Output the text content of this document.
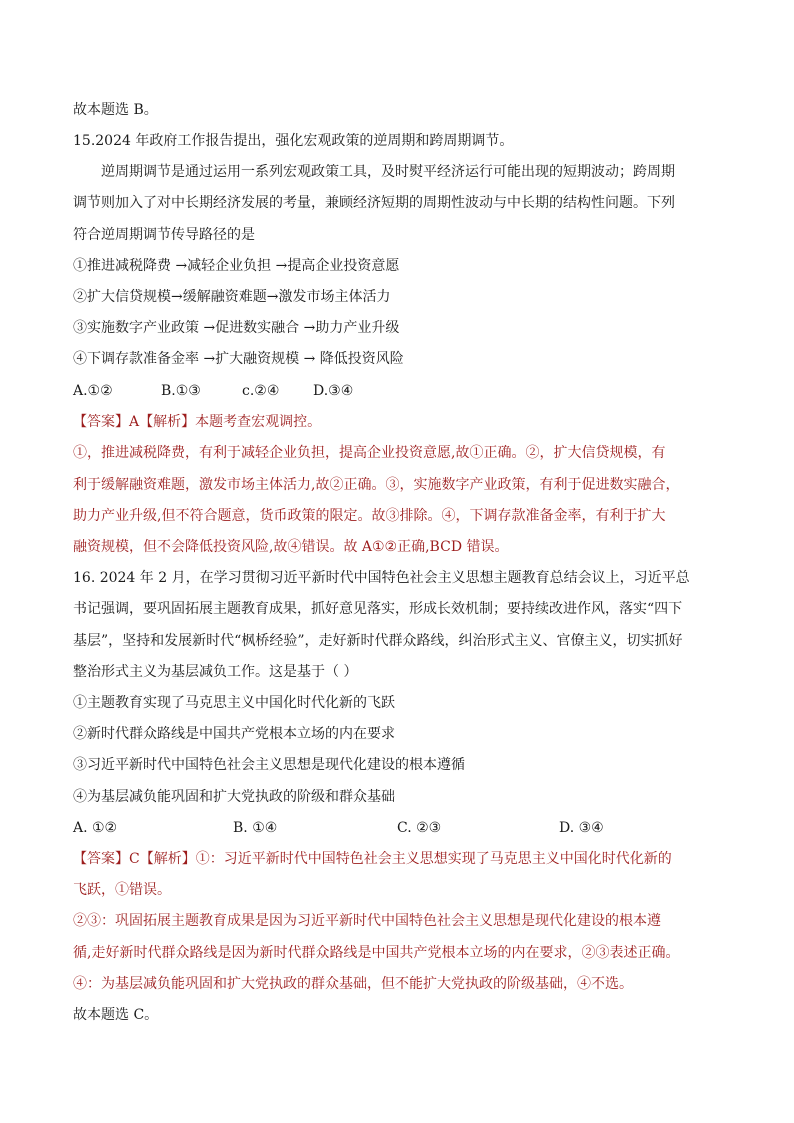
故本题选 B。
15.2024 年政府工作报告提出，强化宏观政策的逆周期和跨周期调节。
逆周期调节是通过运用一系列宏观政策工具，及时熨平经济运行可能出现的短期波动；跨周期
调节则加入了对中长期经济发展的考量，兼顾经济短期的周期性波动与中长期的结构性问题。下列
符合逆周期调节传导路径的是
①推进减税降费 →减轻企业负担 →提高企业投资意愿
②扩大信贷规模→缓解融资难题→激发市场主体活力
③实施数字产业政策 →促进数实融合 →助力产业升级
④下调存款准备金率 →扩大融资规模 → 降低投资风险
A.①②	B.①③	c.②④ D.③④
【答案】A【解析】本题考查宏观调控。
①，推进减税降费，有利于减轻企业负担，提高企业投资意愿,故①正确。②，扩大信贷规模，有
利于缓解融资难题，激发市场主体活力,故②正确。③，实施数字产业政策，有利于促进数实融合，
助力产业升级,但不符合题意，货币政策的限定。故③排除。④，下调存款准备金率，有利于扩大
融资规模，但不会降低投资风险,故④错误。故 A①②正确,BCD 错误。
16. 2024 年 2 月，在学习贯彻习近平新时代中国特色社会主义思想主题教育总结会议上，习近平总
书记强调，要巩固拓展主题教育成果，抓好意见落实，形成长效机制；要持续改进作风，落实“四下
基层”，坚持和发展新时代“枫桥经验”，走好新时代群众路线，纠治形式主义、官僚主义，切实抓好
整治形式主义为基层减负工作。这是基于（ ）
①主题教育实现了马克思主义中国化时代化新的飞跃
②新时代群众路线是中国共产党根本立场的内在要求
③习近平新时代中国特色社会主义思想是现代化建设的根本遵循
④为基层减负能巩固和扩大党执政的阶级和群众基础
A. ①②	B. ①④	C. ②③	D. ③④
【答案】C【解析】①：习近平新时代中国特色社会主义思想实现了马克思主义中国化时代化新的
飞跃，①错误。
②③：巩固拓展主题教育成果是因为习近平新时代中国特色社会主义思想是现代化建设的根本遵
循,走好新时代群众路线是因为新时代群众路线是中国共产党根本立场的内在要求，②③表述正确。
④：为基层减负能巩固和扩大党执政的群众基础，但不能扩大党执政的阶级基础，④不选。
故本题选 C。
